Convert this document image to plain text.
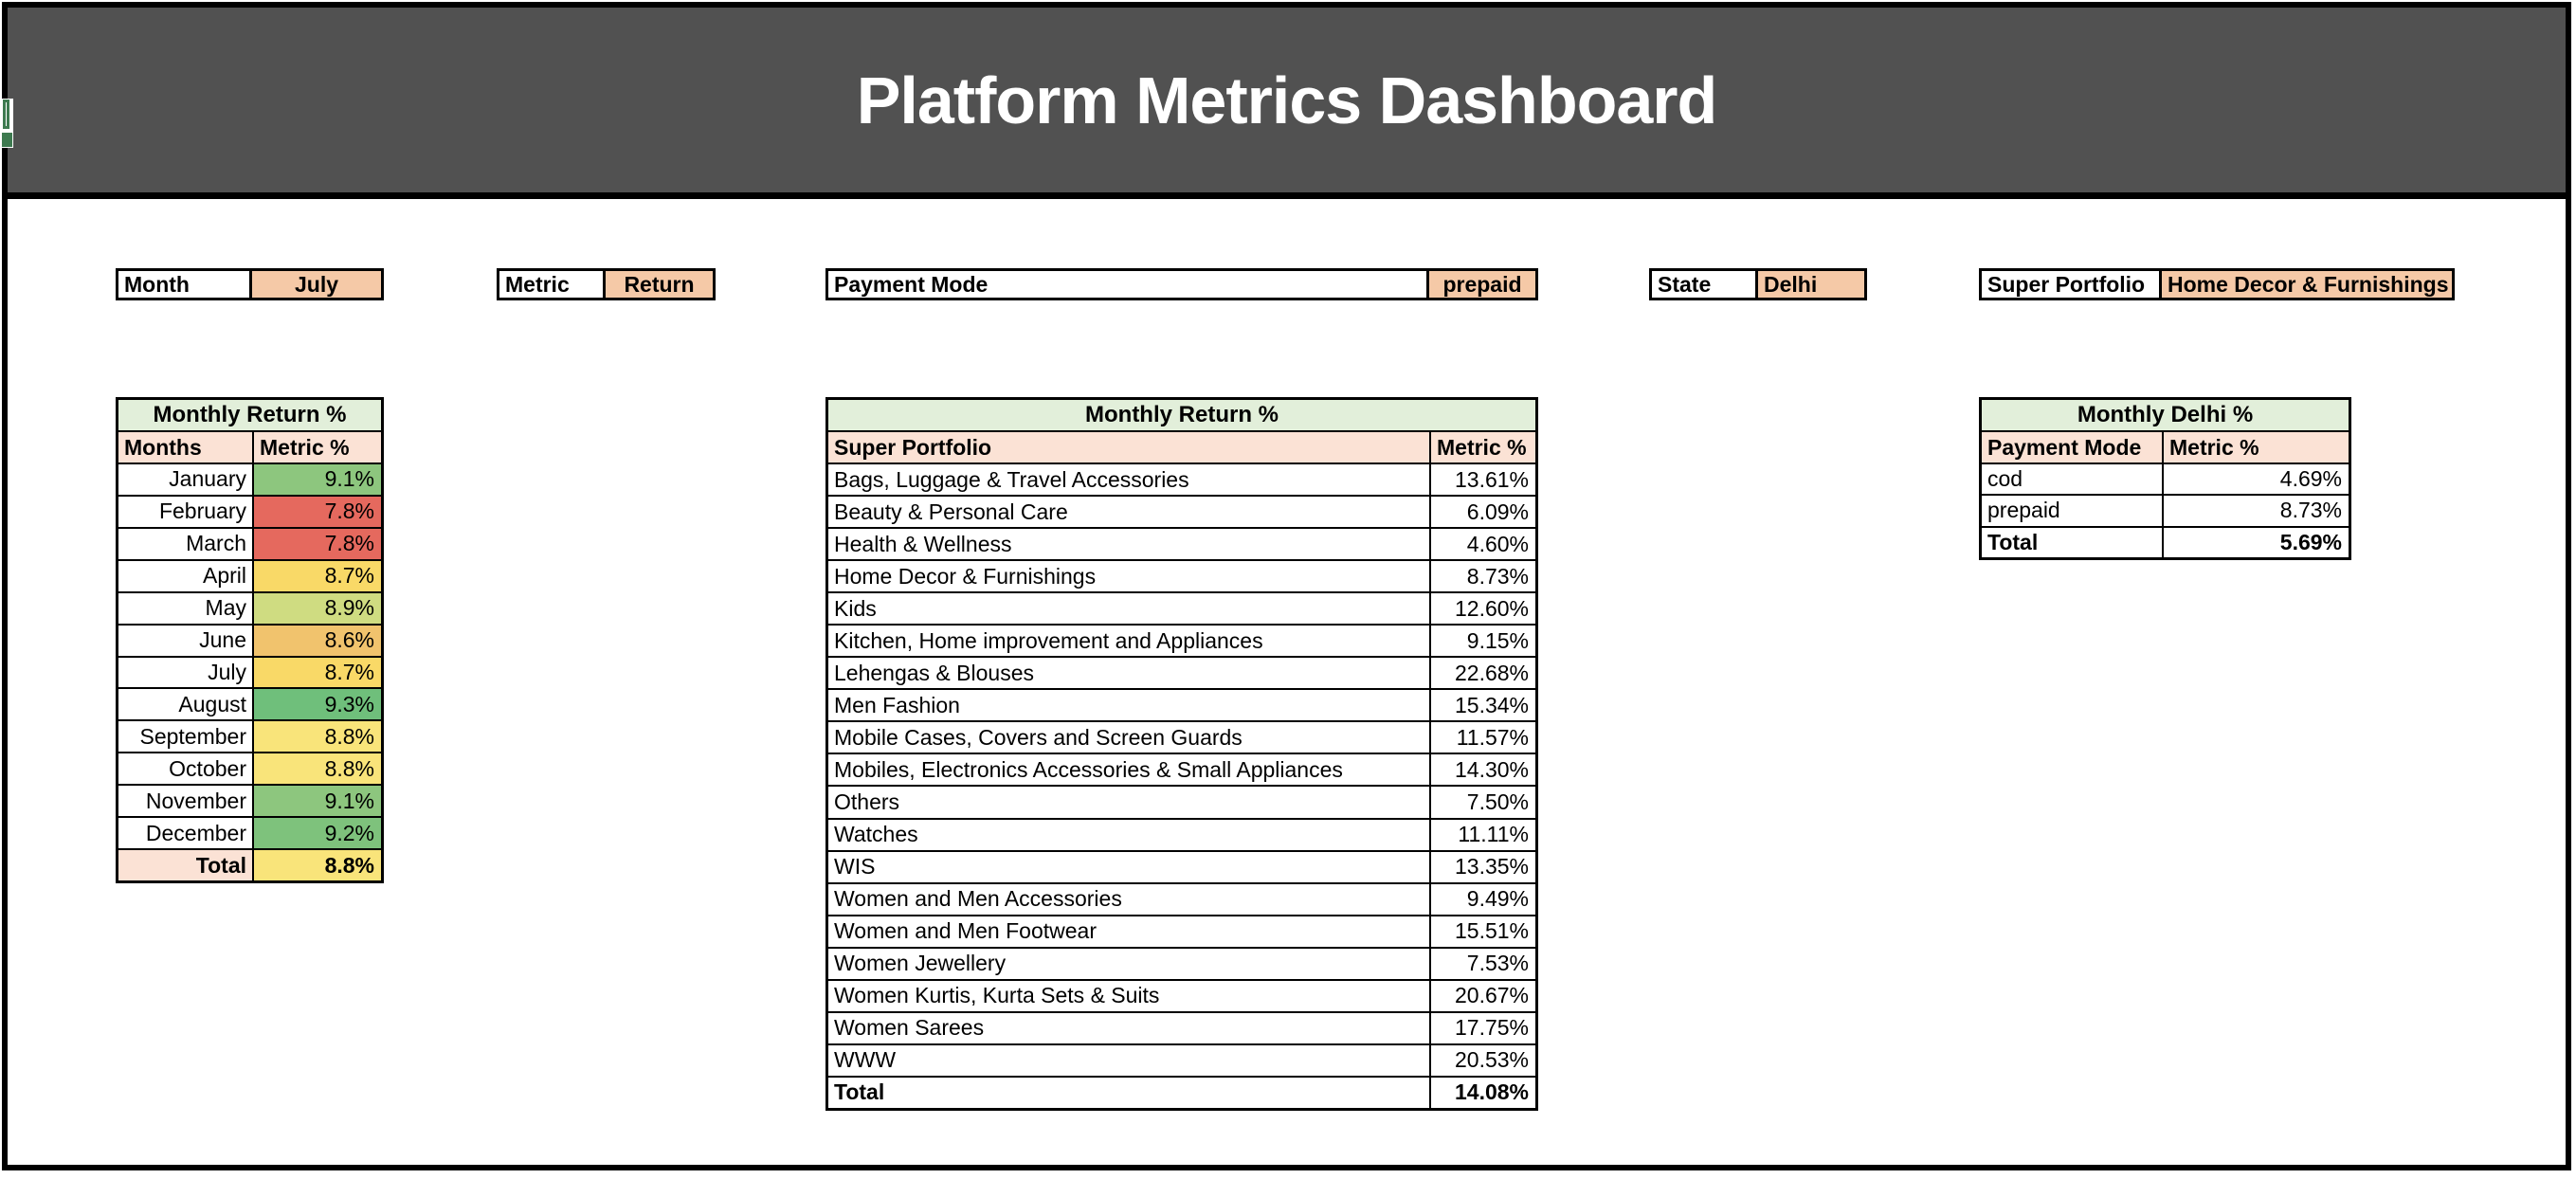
Platform Metrics Dashboard
Month	July	Metric	Return	Payment Mode	prepaid	State	Delhi	Super Portfolio	Home Decor & Furnishings
Monthly Return %
Months	Metric %
January	9.1%
February	7.8%
March	7.8%
April	8.7%
May	8.9%
June	8.6%
July	8.7%
August	9.3%
September	8.8%
October	8.8%
November	9.1%
December	9.2%
Total	8.8%
Monthly Return %
Super Portfolio	Metric %
Bags, Luggage & Travel Accessories	13.61%
Beauty & Personal Care	6.09%
Health & Wellness	4.60%
Home Decor & Furnishings	8.73%
Kids	12.60%
Kitchen, Home improvement and Appliances	9.15%
Lehengas & Blouses	22.68%
Men Fashion	15.34%
Mobile Cases, Covers and Screen Guards	11.57%
Mobiles, Electronics Accessories & Small Appliances	14.30%
Others	7.50%
Watches	11.11%
WIS	13.35%
Women and Men Accessories	9.49%
Women and Men Footwear	15.51%
Women Jewellery	7.53%
Women Kurtis, Kurta Sets & Suits	20.67%
Women Sarees	17.75%
WWW	20.53%
Total	14.08%
Monthly Delhi %
Payment Mode	Metric %
cod	4.69%
prepaid	8.73%
Total	5.69%
